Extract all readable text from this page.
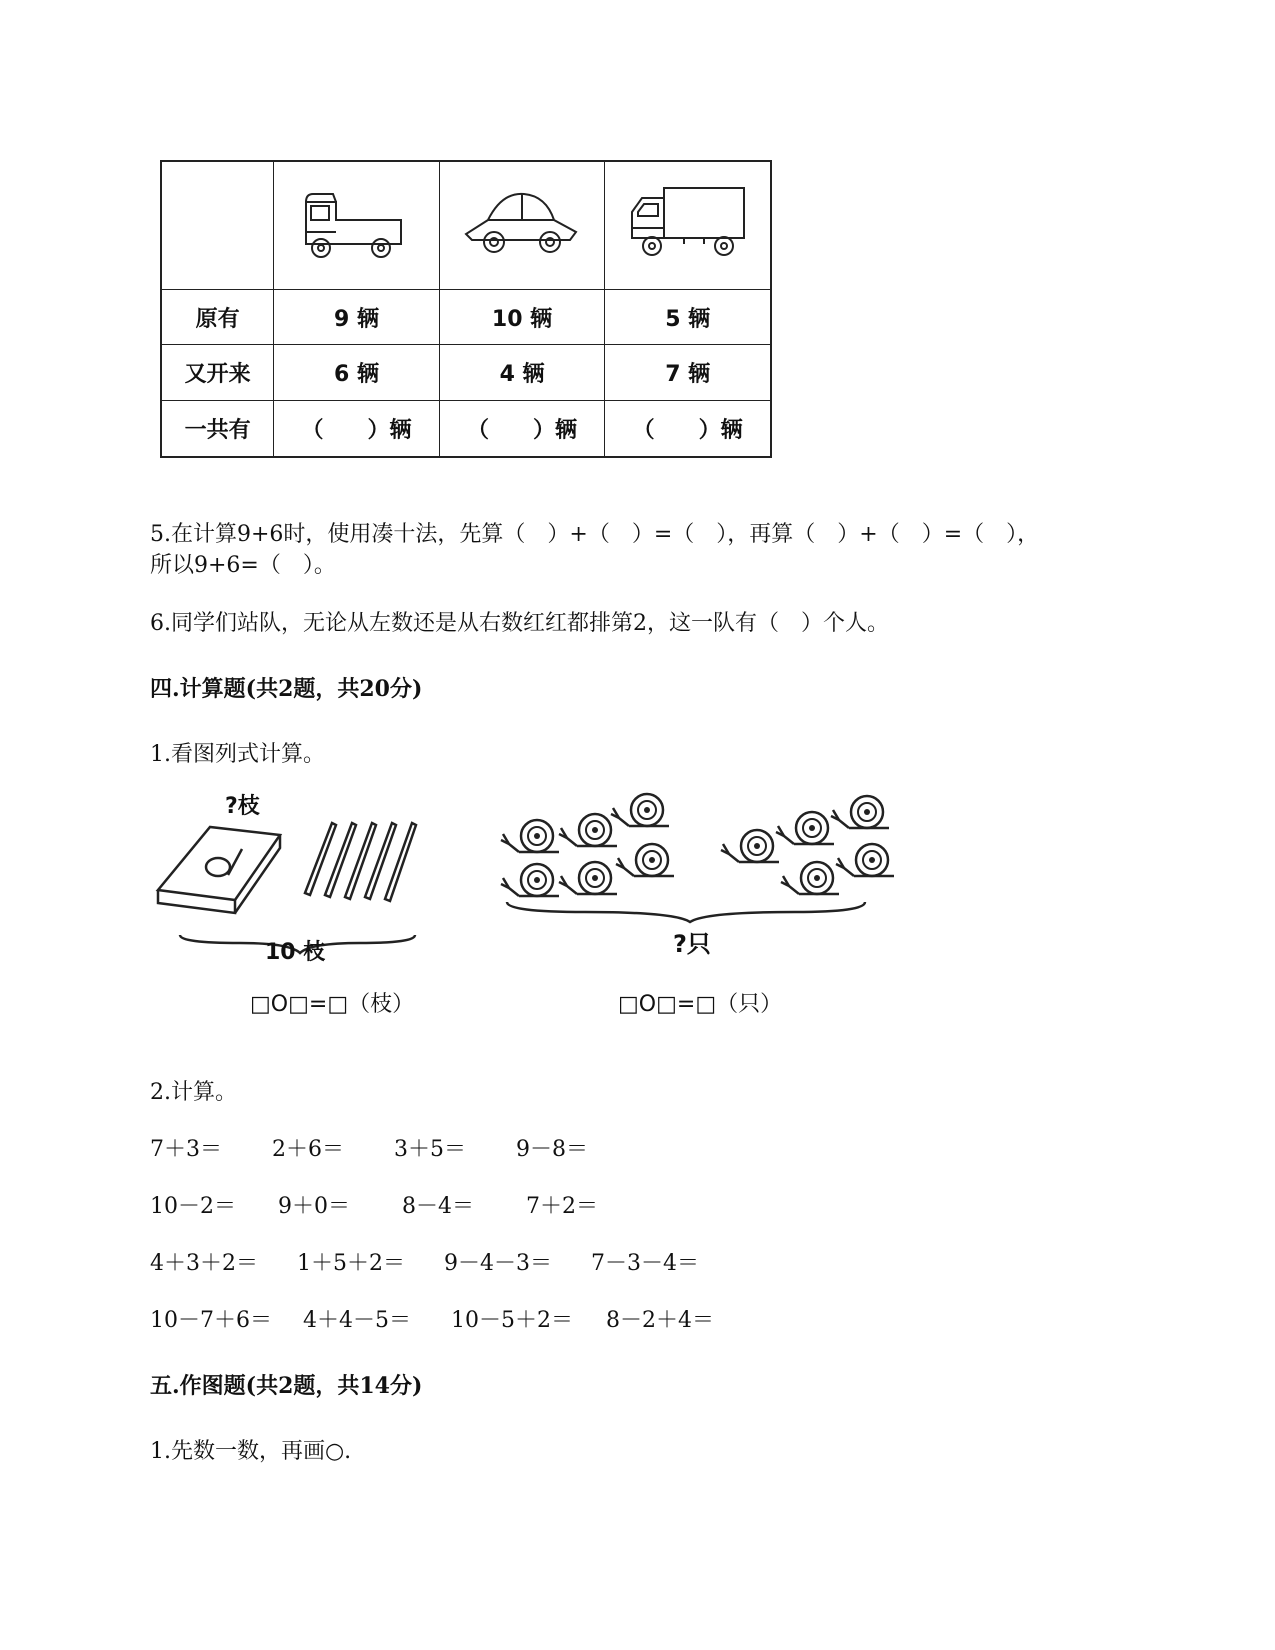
原有	9 辆	10 辆	5 辆
又开来	6 辆	4 辆	7 辆
一共有	（　　）辆	（　　）辆	（　　）辆
5.在计算9+6时，使用凑十法，先算（　）+（　）=（　），再算（　）+（　）=（　），
所以9+6=（　）。
6.同学们站队，无论从左数还是从右数红红都排第2，这一队有（　）个人。
四.计算题(共2题，共20分)
1.看图列式计算。
?枝
10 枝
□O□=□（枝）
?只
□O□=□（只）
2.计算。
7＋3＝ 2＋6＝ 3＋5＝ 9－8＝
10－2＝ 9＋0＝ 8－4＝ 7＋2＝
4＋3＋2＝ 1＋5＋2＝ 9－4－3＝ 7－3－4＝
10－7＋6＝ 4＋4－5＝ 10－5＋2＝ 8－2＋4＝
五.作图题(共2题，共14分)
1.先数一数，再画○.
